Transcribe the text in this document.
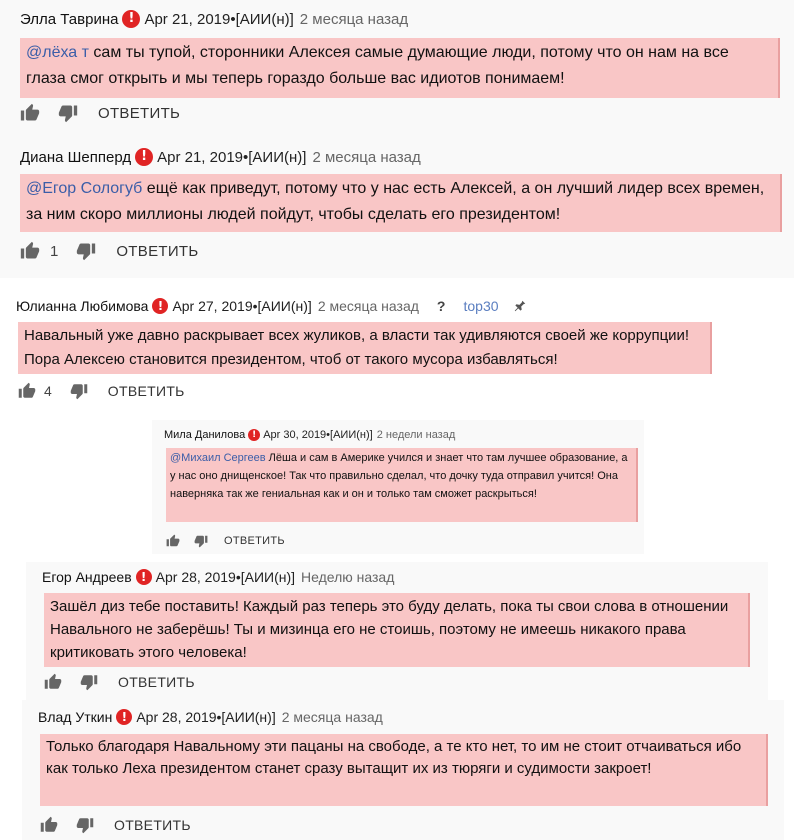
Элла Таврина ! Apr 21, 2019•[АИИ(н)] 2 месяца назад
@лёха т сам ты тупой, сторонники Алексея самые думающие люди, потому что он нам на все глаза смог открыть и мы теперь гораздо больше вас идиотов понимаем!
ОТВЕТИТЬ
Диана Шепперд ! Apr 21, 2019•[АИИ(н)] 2 месяца назад
@Егор Сологуб ещё как приведут, потому что у нас есть Алексей, а он лучший лидер всех времен, за ним скоро миллионы людей пойдут, чтобы сделать его президентом!
1	ОТВЕТИТЬ
Юлианна Любимова ! Apr 27, 2019•[АИИ(н)] 2 месяца назад ? top30
Навальный уже давно раскрывает всех жуликов, а власти так удивляются своей же коррупции! Пора Алексею становится президентом, чтоб от такого мусора избавляться!
4	ОТВЕТИТЬ
Мила Данилова ! Apr 30, 2019•[АИИ(н)] 2 недели назад
@Михаил Сергеев Лёша и сам в Америке учился и знает что там лучшее образование, а у нас оно днищенское! Так что правильно сделал, что дочку туда отправил учится! Она наверняка так же гениальная как и он и только там сможет раскрыться!
ОТВЕТИТЬ
Егор Андреев ! Apr 28, 2019•[АИИ(н)] Неделю назад
Зашёл диз тебе поставить! Каждый раз теперь это буду делать, пока ты свои слова в отношении Навального не заберёшь! Ты и мизинца его не стоишь, поэтому не имеешь никакого права критиковать этого человека!
ОТВЕТИТЬ
Влад Уткин ! Apr 28, 2019•[АИИ(н)] 2 месяца назад
Только благодаря Навальному эти пацаны на свободе, а те кто нет, то им не стоит отчаиваться ибо как только Леха президентом станет сразу вытащит их из тюряги и судимости закроет!
ОТВЕТИТЬ
